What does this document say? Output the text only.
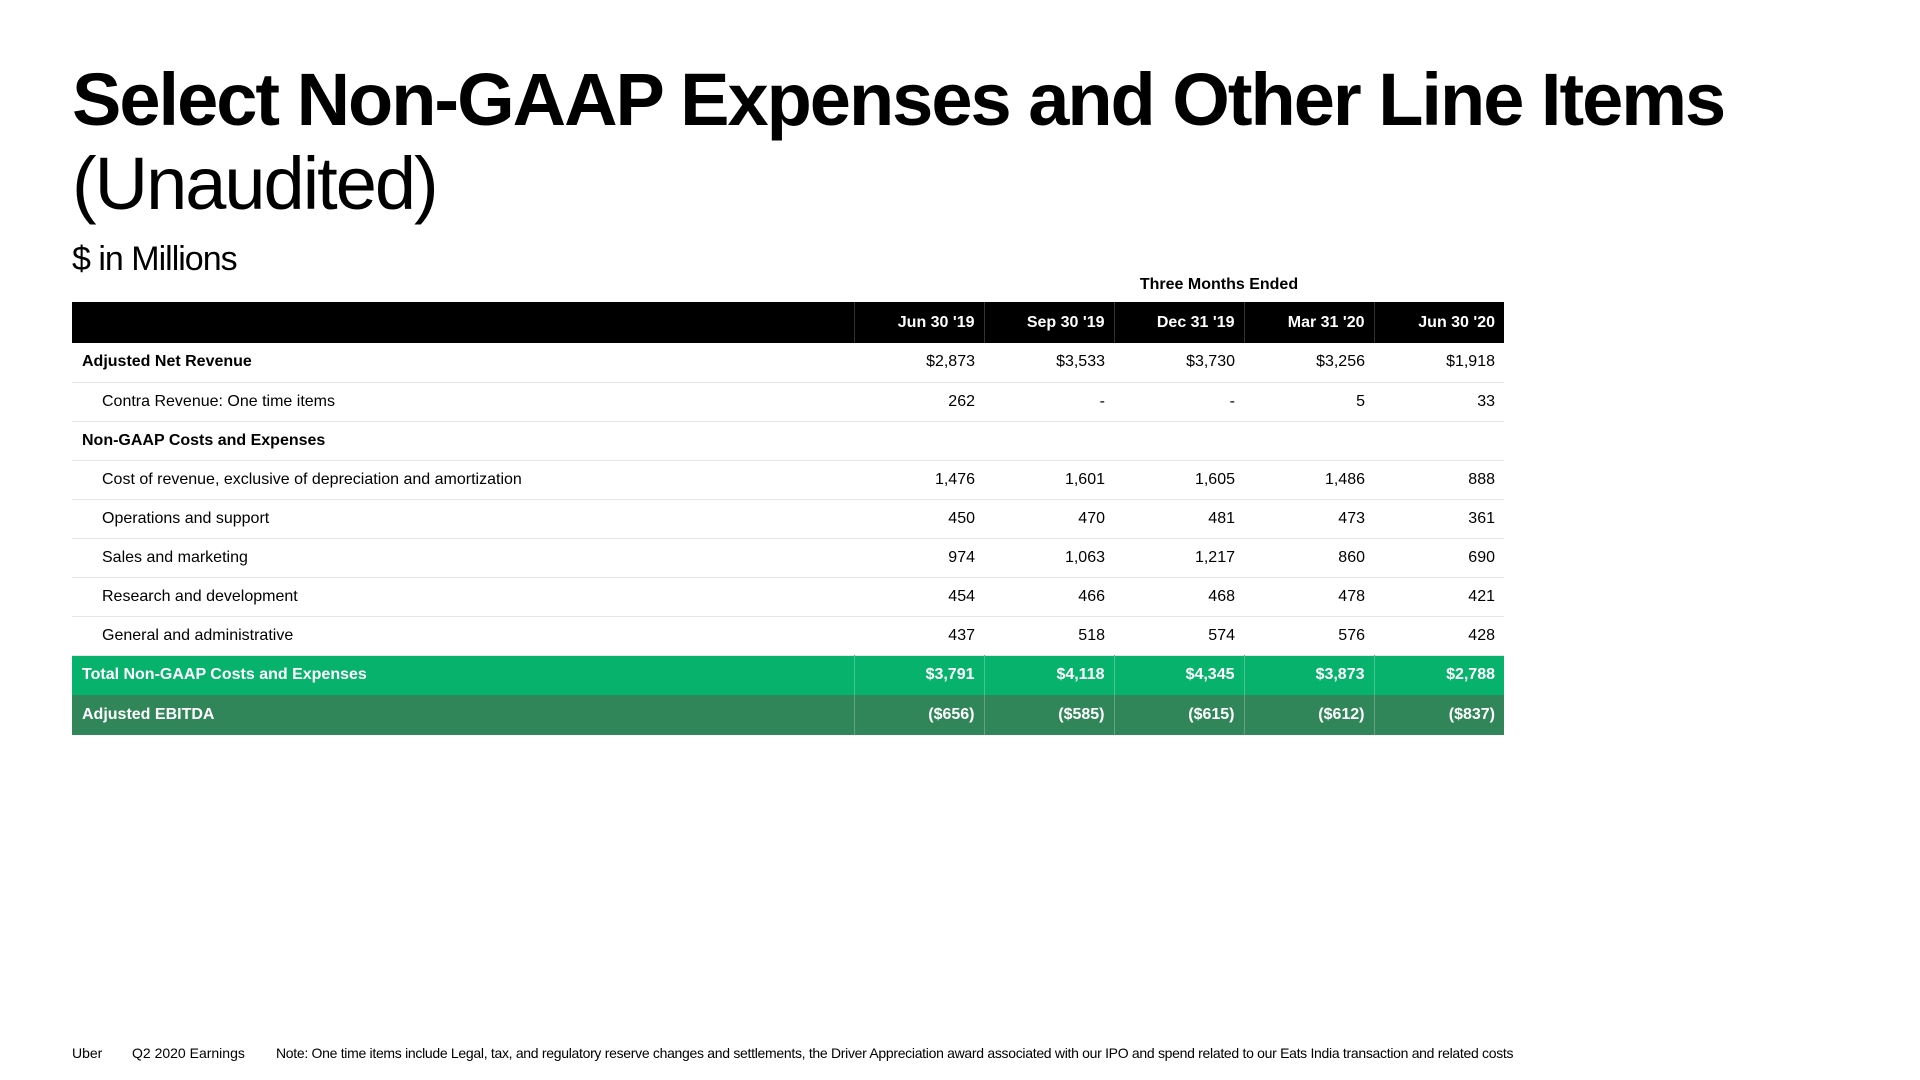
Select Non-GAAP Expenses and Other Line Items
(Unaudited)
$ in Millions
Three Months Ended
	Jun 30 '19	Sep 30 '19	Dec 31 '19	Mar 31 '20	Jun 30 '20
Adjusted Net Revenue	$2,873	$3,533	$3,730	$3,256	$1,918
Contra Revenue: One time items	262	-	-	5	33
Non-GAAP Costs and Expenses					
Cost of revenue, exclusive of depreciation and amortization	1,476	1,601	1,605	1,486	888
Operations and support	450	470	481	473	361
Sales and marketing	974	1,063	1,217	860	690
Research and development	454	466	468	478	421
General and administrative	437	518	574	576	428
Total Non-GAAP Costs and Expenses	$3,791	$4,118	$4,345	$3,873	$2,788
Adjusted EBITDA	($656)	($585)	($615)	($612)	($837)
Uber	Q2 2020 Earnings	Note: One time items include Legal, tax, and regulatory reserve changes and settlements, the Driver Appreciation award associated with our IPO and spend related to our Eats India transaction and related costs
